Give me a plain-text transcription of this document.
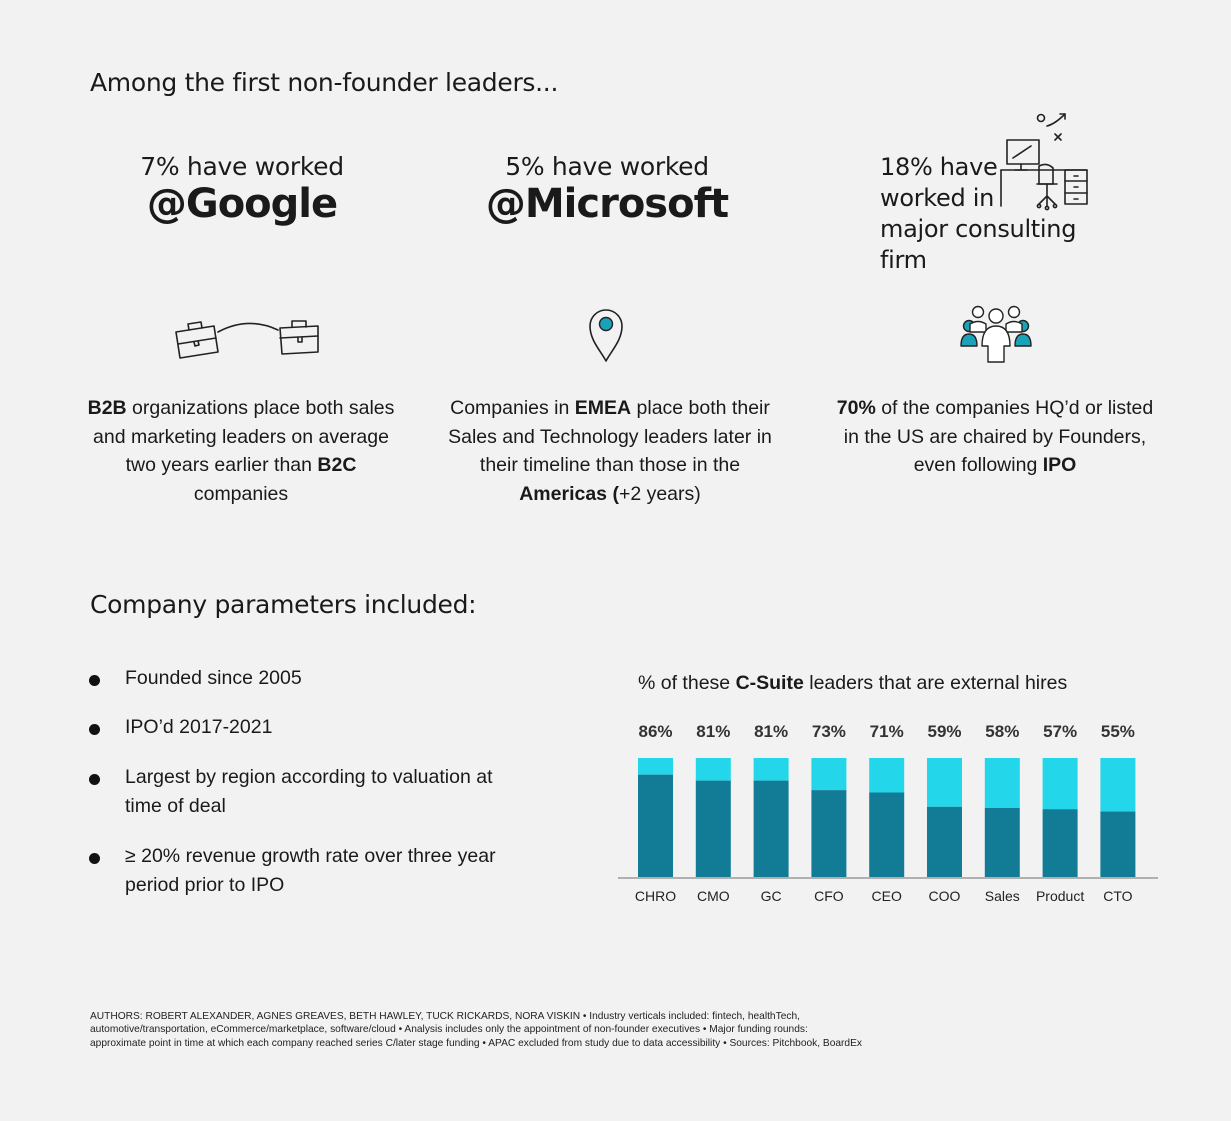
Among the first non-founder leaders...
7% have worked
@Google
5% have worked
@Microsoft
18% have
worked in
major consulting firm
B2B organizations place both sales and marketing leaders on average two years earlier than B2C companies
Companies in EMEA place both their Sales and Technology leaders later in their timeline than those in the Americas (+2 years)
70% of the companies HQ’d or listed in the US are chaired by Founders, even following IPO
Company parameters included:
Founded since 2005
IPO’d 2017-2021
Largest by region according to valuation at time of deal
≥ 20% revenue growth rate over three year period prior to IPO
% of these C-Suite leaders that are external hires
86%
CHRO
81%
CMO
81%
GC
73%
CFO
71%
CEO
59%
COO
58%
Sales
57%
Product
55%
CTO
AUTHORS: ROBERT ALEXANDER, AGNES GREAVES, BETH HAWLEY, TUCK RICKARDS, NORA VISKIN • Industry verticals included: fintech, healthTech,
automotive/transportation, eCommerce/marketplace, software/cloud • Analysis includes only the appointment of non-founder executives • Major funding rounds:
approximate point in time at which each company reached series C/later stage funding • APAC excluded from study due to data accessibility • Sources: Pitchbook, BoardEx
